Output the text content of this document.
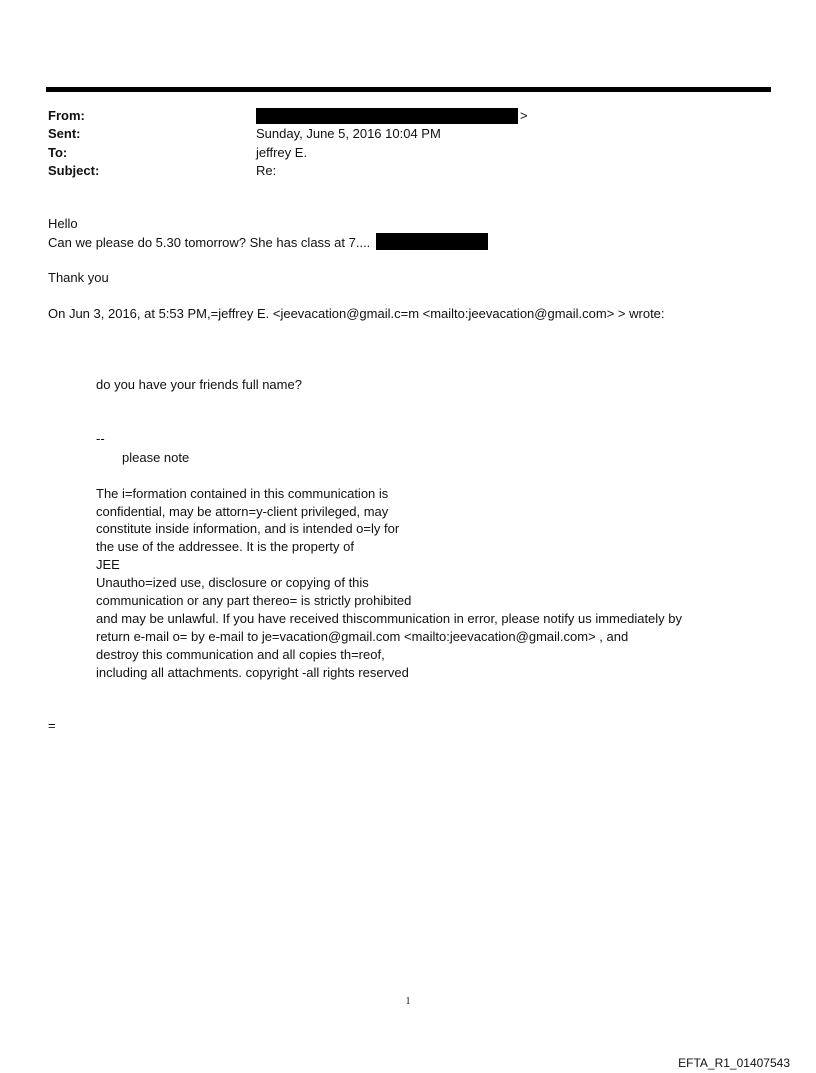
From:	>
Sent:	Sunday, June 5, 2016 10:04 PM
To:	jeffrey E.
Subject:	Re:
Hello
Can we please do 5.30 tomorrow? She has class at 7....
Thank you
On Jun 3, 2016, at 5:53 PM,=jeffrey E. <jeevacation@gmail.c=m <mailto:jeevacation@gmail.com> > wrote:
do you have your friends full name?
--
please note
The i=formation contained in this communication is
confidential, may be attorn=y-client privileged, may
constitute inside information, and is intended o=ly for
the use of the addressee. It is the property of
JEE
Unautho=ized use, disclosure or copying of this
communication or any part thereo= is strictly prohibited
and may be unlawful. If you have received thiscommunication in error, please notify us immediately by
return e-mail o= by e-mail to je=vacation@gmail.com <mailto:jeevacation@gmail.com> , and
destroy this communication and all copies th=reof,
including all attachments. copyright -all rights reserved
=
1
EFTA_R1_01407543
